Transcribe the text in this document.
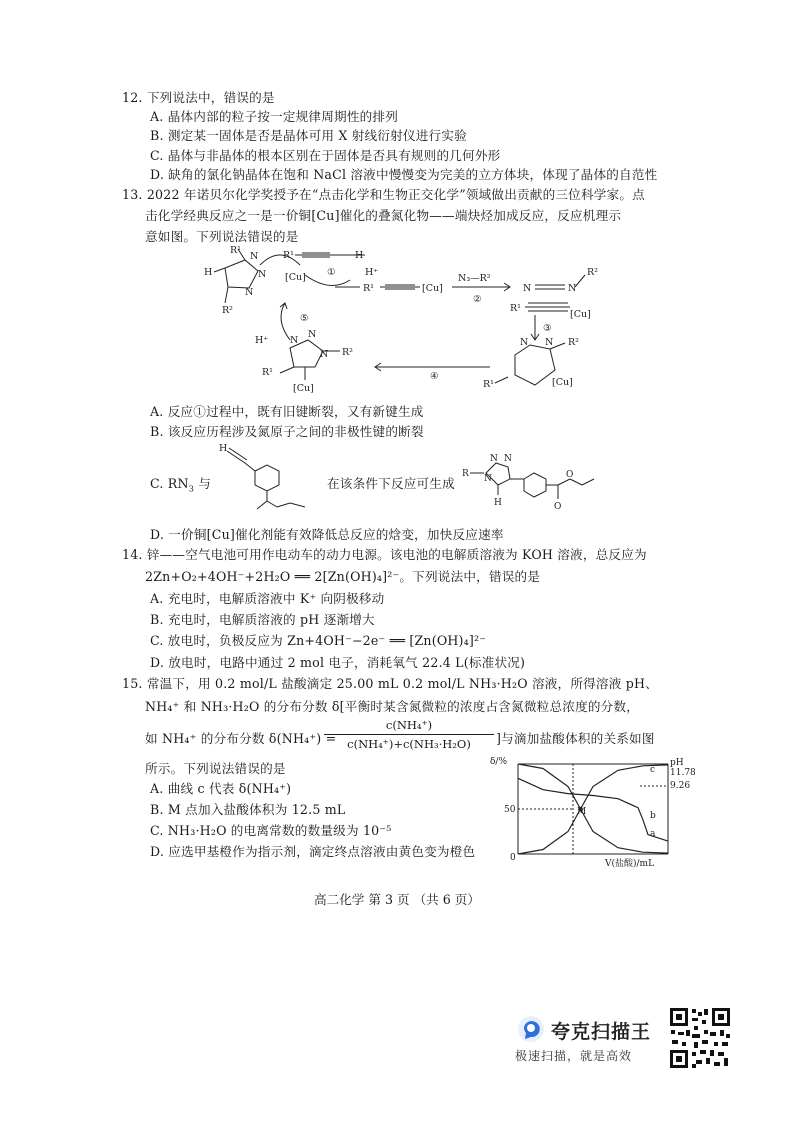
12. 下列说法中，错误的是
A. 晶体内部的粒子按一定规律周期性的排列
B. 测定某一固体是否是晶体可用 X 射线衍射仪进行实验
C. 晶体与非晶体的根本区别在于固体是否具有规则的几何外形
D. 缺角的氯化钠晶体在饱和 NaCl 溶液中慢慢变为完美的立方体块，体现了晶体的自范性
13. 2022 年诺贝尔化学奖授予在“点击化学和生物正交化学”领域做出贡献的三位科学家。点
击化学经典反应之一是一价铜[Cu]催化的叠氮化物——端炔烃加成反应，反应机理示
意如图。下列说法错误的是
R¹
H
N
N
N
R²
[Cu]
R¹	H
①	H⁺
R¹	[Cu]
N₃—R²
②
N	N
R²
R¹
[Cu]
③
N N R²
R¹	[Cu]
④
⑤
H⁺ N
N
N R²
R¹
[Cu]
A. 反应①过程中，既有旧键断裂，又有新键生成
B. 该反应历程涉及氮原子之间的非极性键的断裂
C. $RN_3$ 与
H
在该条件下反应可生成
R N
N N
H	O
O
D. 一价铜[Cu]催化剂能有效降低总反应的焓变，加快反应速率
14. 锌——空气电池可用作电动车的动力电源。该电池的电解质溶液为 KOH 溶液，总反应为
2Zn+O₂+4OH⁻+2H₂O ══ 2[Zn(OH)₄]²⁻。下列说法中，错误的是
A. 充电时，电解质溶液中 K⁺ 向阴极移动
B. 充电时，电解质溶液的 pH 逐渐增大
C. 放电时，负极反应为 Zn+4OH⁻−2e⁻ ══ [Zn(OH)₄]²⁻
D. 放电时，电路中通过 2 mol 电子，消耗氧气 22.4 L(标准状况)
15. 常温下，用 0.2 mol/L 盐酸滴定 25.00 mL 0.2 mol/L NH₃·H₂O 溶液，所得溶液 pH、
NH₄⁺ 和 NH₃·H₂O 的分布分数 δ[平衡时某含氮微粒的浓度占含氮微粒总浓度的分数，
如 NH₄⁺ 的分布分数 δ(NH₄⁺) =
c(NH₄⁺)
c(NH₄⁺)+c(NH₃·H₂O)	]与滴加盐酸体积的关系如图
所示。下列说法错误的是
A. 曲线 c 代表 δ(NH₄⁺)
B. M 点加入盐酸体积为 12.5 mL
C. NH₃·H₂O 的电离常数的数量级为 10⁻⁵
D. 应选甲基橙作为指示剂，滴定终点溶液由黄色变为橙色
δ/%	pH
11.78
9.26
50
0
M
c
b
a
V(盐酸)/mL
高二化学 第 3 页 （共 6 页）
夸克扫描王
极速扫描，就是高效
